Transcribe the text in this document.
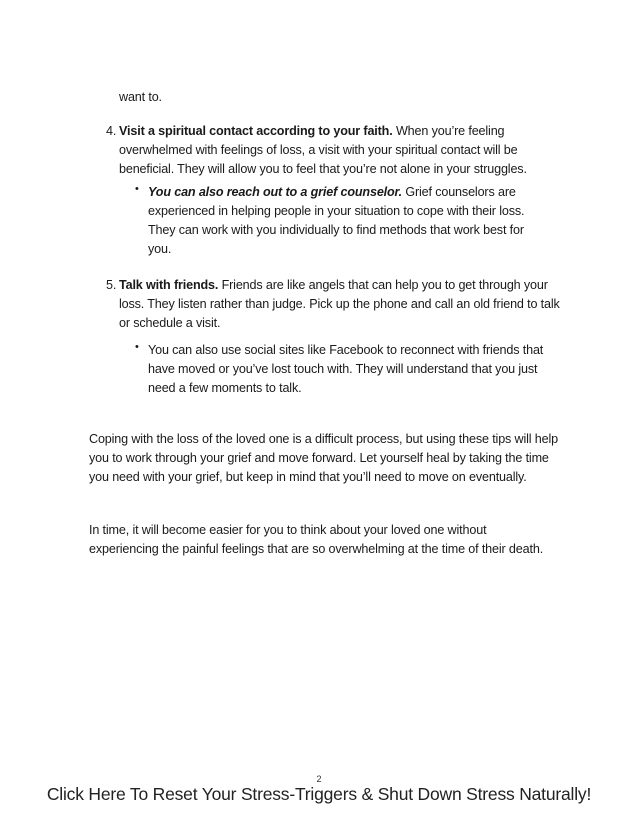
want to.

4. Visit a spiritual contact according to your faith. When you’re feeling overwhelmed with feelings of loss, a visit with your spiritual contact will be beneficial. They will allow you to feel that you’re not alone in your struggles.

• You can also reach out to a grief counselor. Grief counselors are experienced in helping people in your situation to cope with their loss. They can work with you individually to find methods that work best for you.

5. Talk with friends. Friends are like angels that can help you to get through your loss. They listen rather than judge. Pick up the phone and call an old friend to talk or schedule a visit.

• You can also use social sites like Facebook to reconnect with friends that have moved or you’ve lost touch with. They will understand that you just need a few moments to talk.

Coping with the loss of the loved one is a difficult process, but using these tips will help you to work through your grief and move forward. Let yourself heal by taking the time you need with your grief, but keep in mind that you’ll need to move on eventually.

In time, it will become easier for you to think about your loved one without experiencing the painful feelings that are so overwhelming at the time of their death.

2
Click Here To Reset Your Stress-Triggers & Shut Down Stress Naturally!
